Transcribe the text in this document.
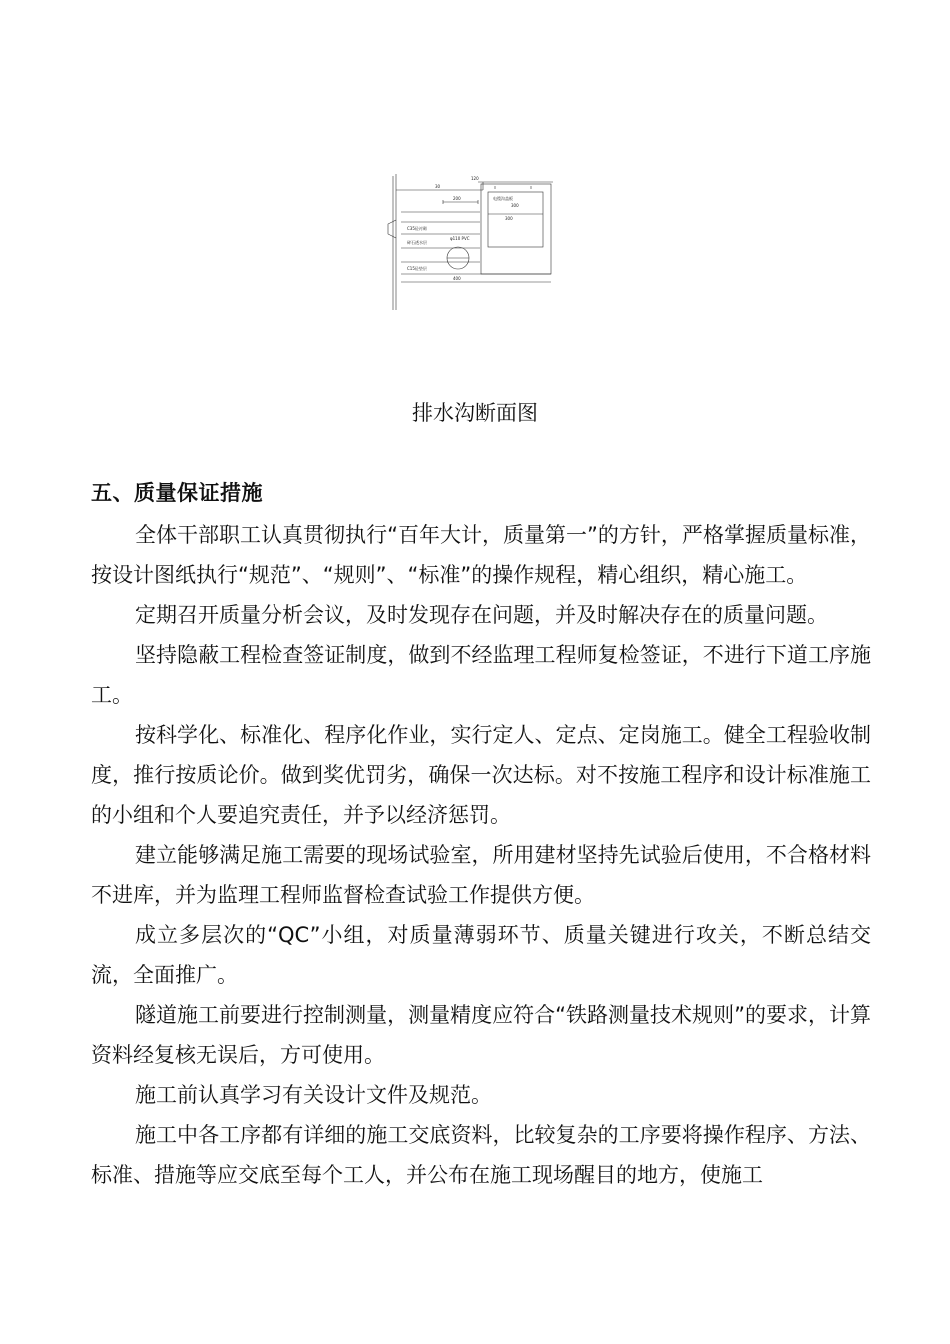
C35砼衬砌
碎石透水层
C15砼垫层
φ110 PVC
电缆沟盖板
120
30
200
300
300
400
排水沟断面图
五、质量保证措施

全体干部职工认真贯彻执行“百年大计，质量第一”的方针，严格掌握质量标准，按设计图纸执行“规范”、“规则”、“标准”的操作规程，精心组织，精心施工。

定期召开质量分析会议，及时发现存在问题，并及时解决存在的质量问题。

坚持隐蔽工程检查签证制度，做到不经监理工程师复检签证，不进行下道工序施工。

按科学化、标准化、程序化作业，实行定人、定点、定岗施工。健全工程验收制度，推行按质论价。做到奖优罚劣，确保一次达标。对不按施工程序和设计标准施工的小组和个人要追究责任，并予以经济惩罚。

建立能够满足施工需要的现场试验室，所用建材坚持先试验后使用，不合格材料不进库，并为监理工程师监督检查试验工作提供方便。

成立多层次的“QC”小组，对质量薄弱环节、质量关键进行攻关，不断总结交流，全面推广。

隧道施工前要进行控制测量，测量精度应符合“铁路测量技术规则”的要求，计算资料经复核无误后，方可使用。

施工前认真学习有关设计文件及规范。

施工中各工序都有详细的施工交底资料，比较复杂的工序要将操作程序、方法、标准、措施等应交底至每个工人，并公布在施工现场醒目的地方，使施工
